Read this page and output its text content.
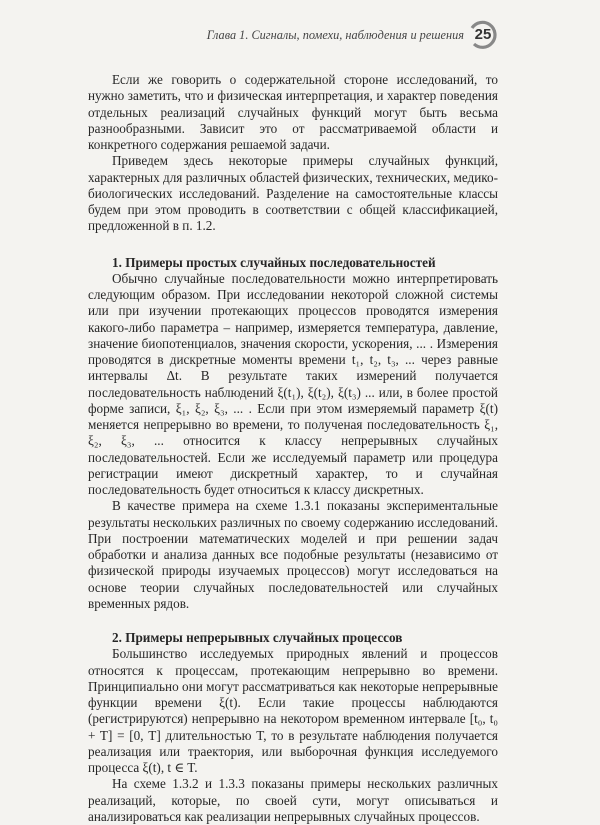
Глава 1. Сигналы, помехи, наблюдения и решения 25

Если же говорить о содержательной стороне исследований, то нужно заметить, что и физическая интерпретация, и характер поведения отдельных реализаций случайных функций могут быть весьма разнообразными. Зависит это от рассматриваемой области и конкретного содержания решаемой задачи.

Приведем здесь некоторые примеры случайных функций, характерных для различных областей физических, технических, медико-биологических исследований. Разделение на самостоятельные классы будем при этом проводить в соответствии с общей классификацией, предложенной в п. 1.2.

1. Примеры простых случайных последовательностей

Обычно случайные последовательности можно интерпретировать следующим образом. При исследовании некоторой сложной системы или при изучении протекающих процессов проводятся измерения какого-либо параметра – например, измеряется температура, давление, значение биопотенциалов, значения скорости, ускорения, ... . Измерения проводятся в дискретные моменты времени t₁, t₂, t₃, ... через равные интервалы Δt. В результате таких измерений получается последовательность наблюдений ξ(t₁), ξ(t₂), ξ(t₃) ... или, в более простой форме записи, ξ₁, ξ₂, ξ₃, ... . Если при этом измеряемый параметр ξ(t) меняется непрерывно во времени, то полученая последовательность ξ₁, ξ₂, ξ₃, ... относится к классу непрерывных случайных последовательностей. Если же исследуемый параметр или процедура регистрации имеют дискретный характер, то и случайная последовательность будет относиться к классу дискретных.

В качестве примера на схеме 1.3.1 показаны экспериментальные результаты нескольких различных по своему содержанию исследований. При построении математических моделей и при решении задач обработки и анализа данных все подобные результаты (независимо от физической природы изучаемых процессов) могут исследоваться на основе теории случайных последовательностей или случайных временных рядов.

2. Примеры непрерывных случайных процессов

Большинство исследуемых природных явлений и процессов относятся к процессам, протекающим непрерывно во времени. Принципиально они могут рассматриваться как некоторые непрерывные функции времени ξ(t). Если такие процессы наблюдаются (регистрируются) непрерывно на некотором временном интервале [t₀, t₀ + T] = [0, T] длительностью T, то в результате наблюдения получается реализация или траектория, или выборочная функция исследуемого процесса ξ(t), t ∈ T.

На схеме 1.3.2 и 1.3.3 показаны примеры нескольких различных реализаций, которые, по своей сути, могут описываться и анализироваться как реализации непрерывных случайных процессов.
